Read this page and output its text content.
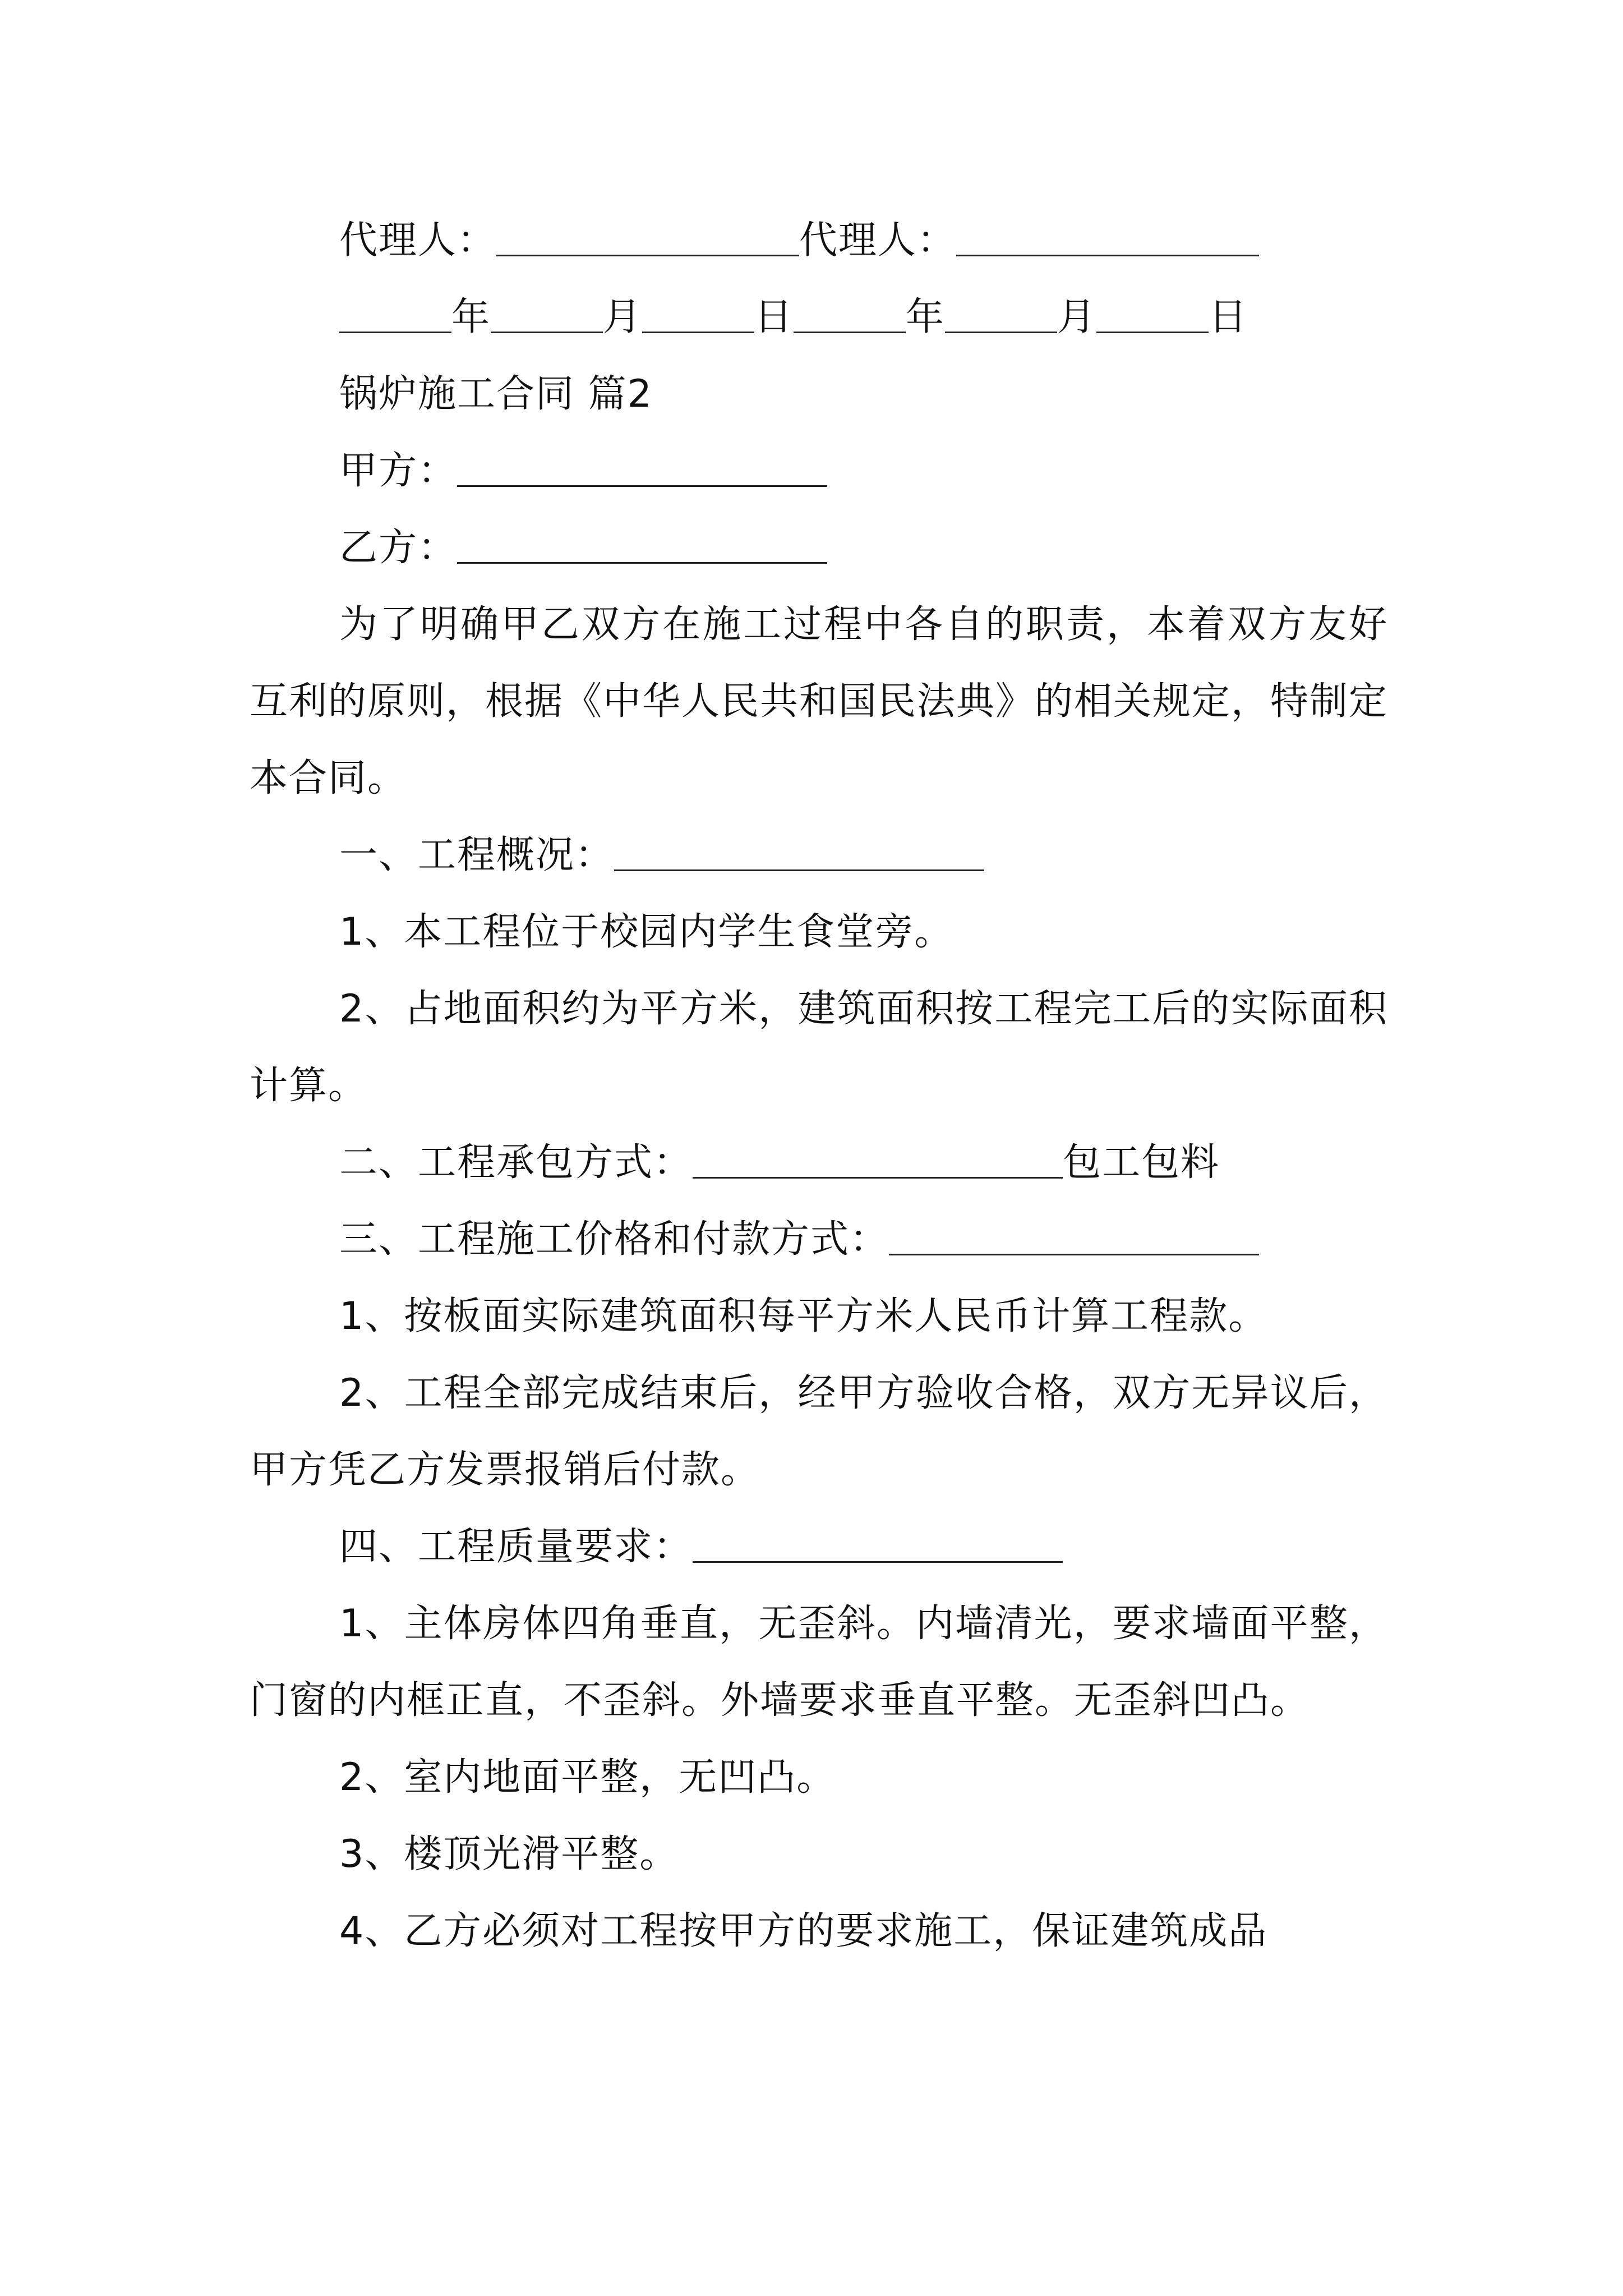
代理人：	代理人：
年	月	日	年	月	日
锅炉施工合同 篇2
甲方：
乙方：
为了明确甲乙双方在施工过程中各自的职责，本着双方友好互利的原则，根据《中华人民共和国民法典》的相关规定，特制定本合同。
一、工程概况：
1、本工程位于校园内学生食堂旁。
2、占地面积约为平方米，建筑面积按工程完工后的实际面积计算。
二、工程承包方式：	包工包料
三、工程施工价格和付款方式：
1、按板面实际建筑面积每平方米人民币计算工程款。
2、工程全部完成结束后，经甲方验收合格，双方无异议后，甲方凭乙方发票报销后付款。
四、工程质量要求：
1、主体房体四角垂直，无歪斜。内墙清光，要求墙面平整，门窗的内框正直，不歪斜。外墙要求垂直平整。无歪斜凹凸。
2、室内地面平整，无凹凸。
3、楼顶光滑平整。
4、乙方必须对工程按甲方的要求施工，保证建筑成品
